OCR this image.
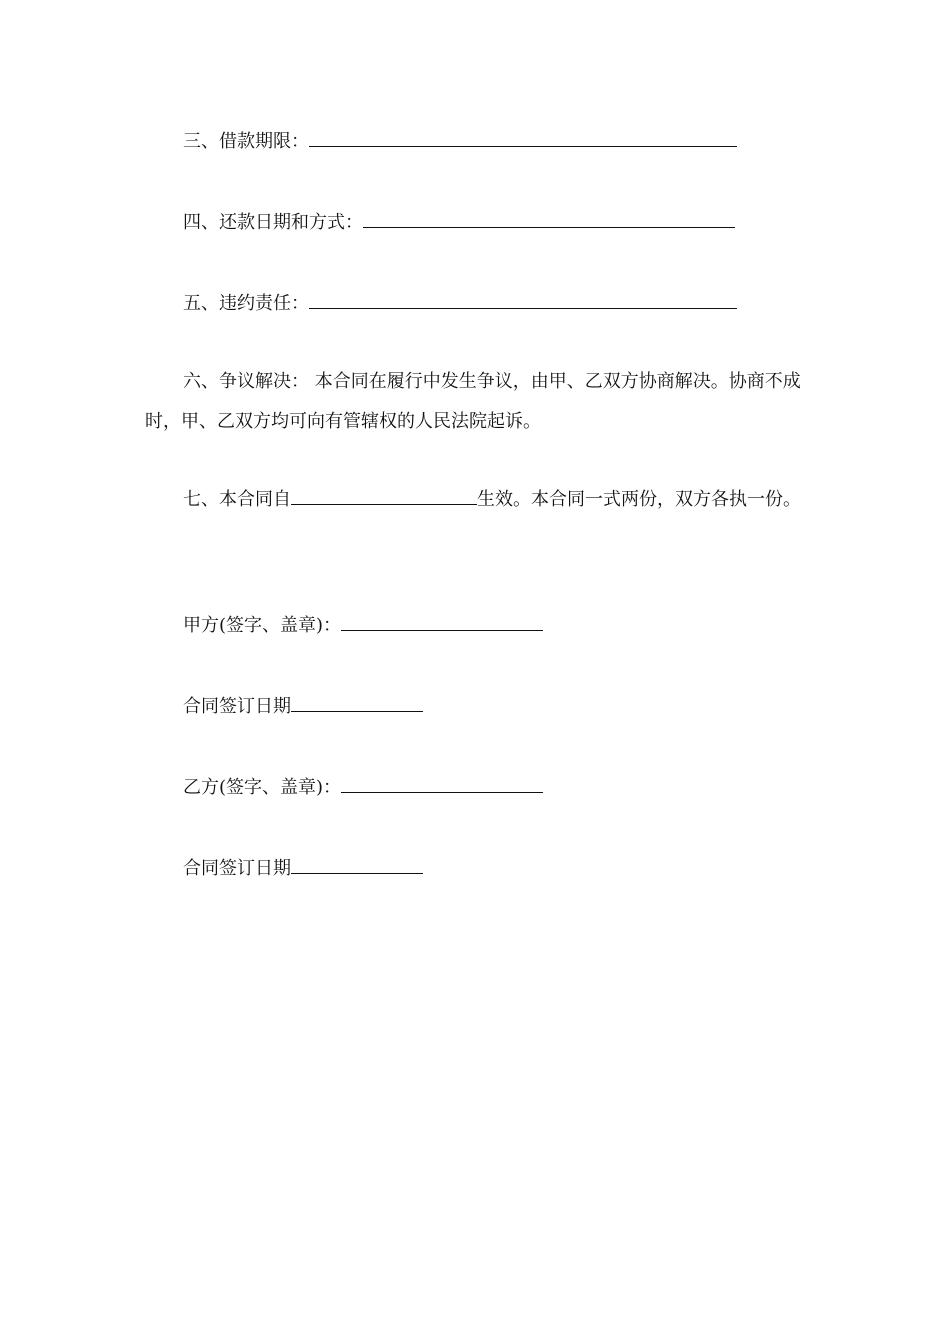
三、借款期限：
四、还款日期和方式：
五、违约责任：
六、争议解决： 本合同在履行中发生争议，由甲、乙双方协商解决。协商不成时，甲、乙双方均可向有管辖权的人民法院起诉。
七、本合同自	生效。本合同一式两份，双方各执一份。
甲方(签字、盖章)：
合同签订日期
乙方(签字、盖章)：
合同签订日期
